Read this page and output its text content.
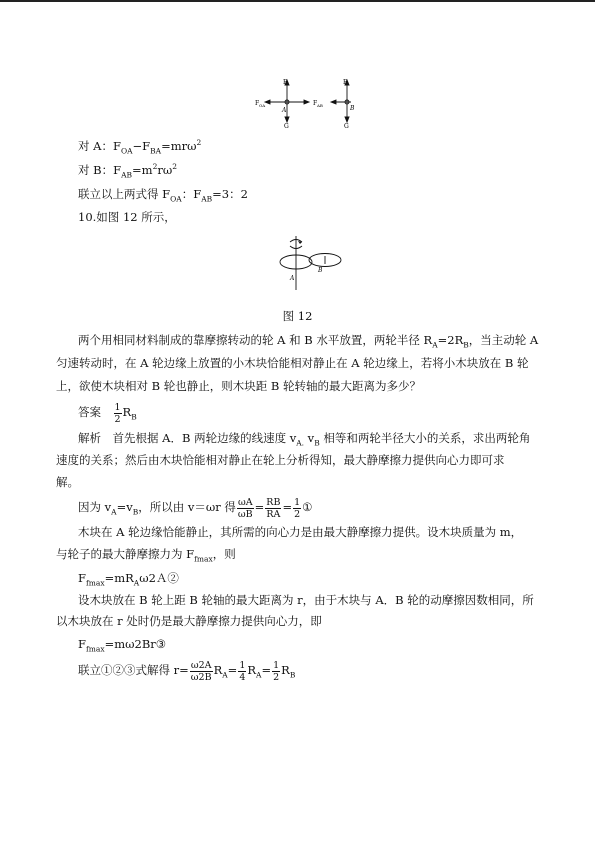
F	F
F OA	F AB
A	B
G	G
对 A：$F_{OA}-F_{BA}=mr\omega^2$
对 B：$F_{AB}=m^2r\omega^2$
联立以上两式得 $F_{OA}$：$F_{AB}=3$：2
10.如图 12 所示，
A
B
图 12
两个用相同材料制成的靠摩擦转动的轮 A 和 B 水平放置，两轮半径 $R_A=2R_B$，当主动轮 A
匀速转动时，在 A 轮边缘上放置的小木块恰能相对静止在 A 轮边缘上，若将小木块放在 B 轮
上，欲使木块相对 B 轮也静止，则木块距 B 轮转轴的最大距离为多少？
答案　 $\frac{1}{2} R_B$
解析　首先根据 A．B 两轮边缘的线速度 $v_{A.}$ $v_B$ 相等和两轮半径大小的关系，求出两轮角
速度的关系；然后由木块恰能相对静止在轮上分析得知，最大静摩擦力提供向心力即可求
解。
因为 $v_A=v_B$，所以由 v＝ωr 得 $\frac{\omega A}{\omega B} = \frac{RB}{RA} = \frac{1}{2}$ ①
木块在 A 轮边缘恰能静止，其所需的向心力是由最大静摩擦力提供。设木块质量为 m，
与轮子的最大静摩擦力为 $F_{fmax}$，则
$F_{fmax}=mR_A\omega 2A②$
设木块放在 B 轮上距 B 轮轴的最大距离为 r，由于木块与 A．B 轮的动摩擦因数相同，所
以木块放在 r 处时仍是最大静摩擦力提供向心力，即
$F_{fmax}=m\omega 2Br③$
联立①②③式解得 $r= \frac{\omega 2A}{\omega 2B} R_A= \frac{1}{4} R_A= \frac{1}{2} R_B$
